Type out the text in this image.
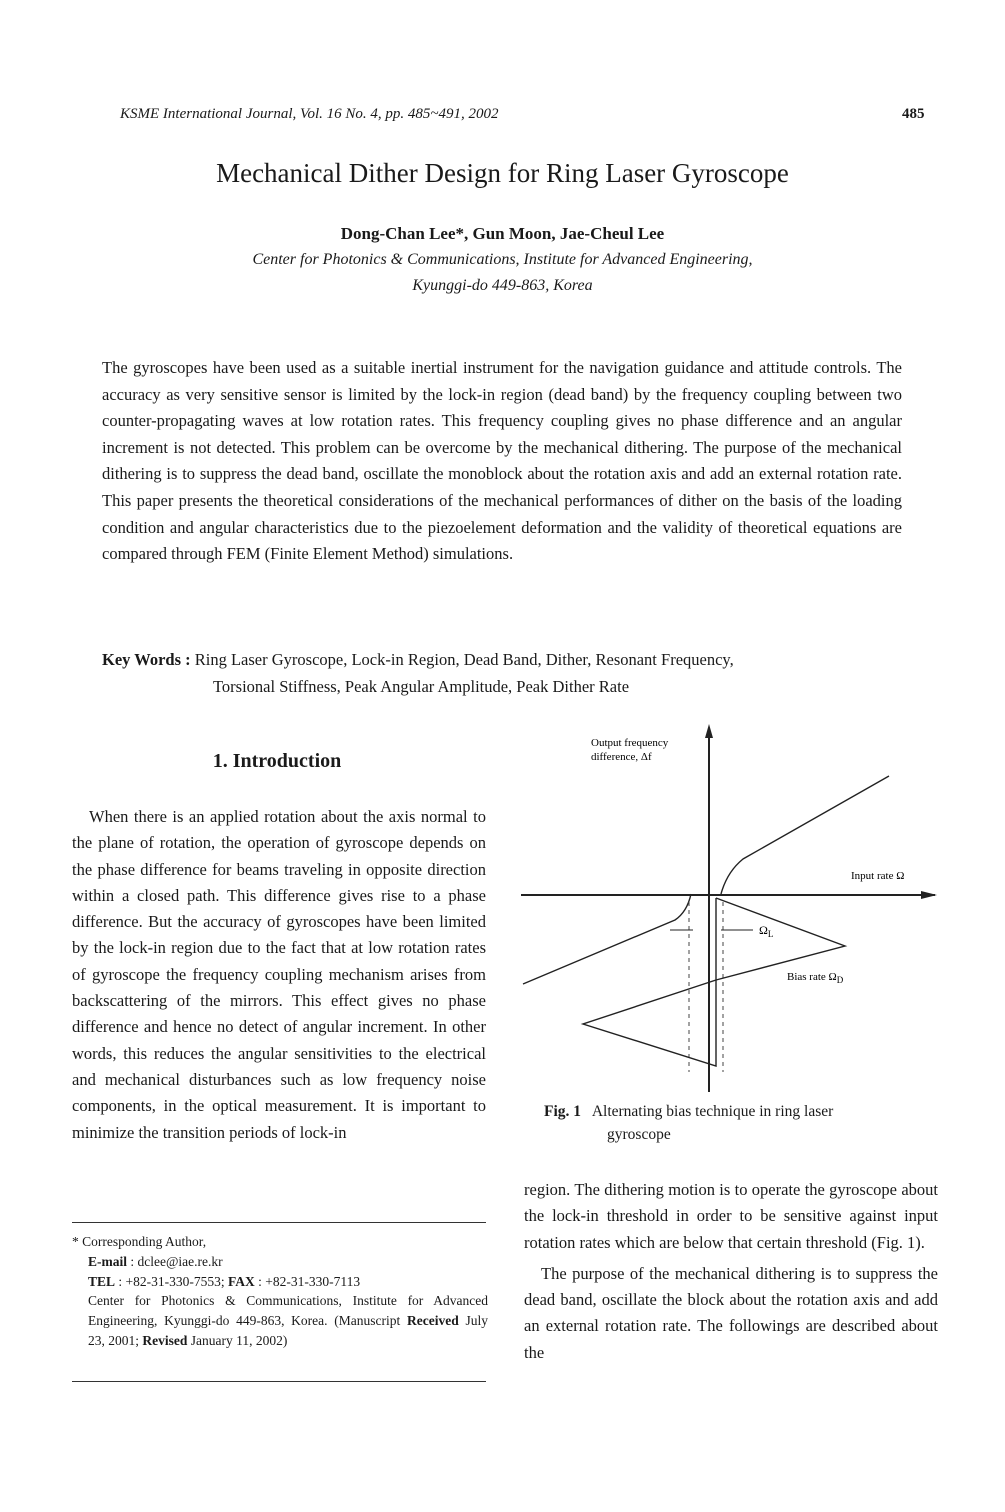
KSME International Journal, Vol. 16 No. 4, pp. 485~491, 2002	485
Mechanical Dither Design for Ring Laser Gyroscope
Dong-Chan Lee*, Gun Moon, Jae-Cheul Lee
Center for Photonics & Communications, Institute for Advanced Engineering,
Kyunggi-do 449-863, Korea
The gyroscopes have been used as a suitable inertial instrument for the navigation guidance and attitude controls. The accuracy as very sensitive sensor is limited by the lock-in region (dead band) by the frequency coupling between two counter-propagating waves at low rotation rates. This frequency coupling gives no phase difference and an angular increment is not detected. This problem can be overcome by the mechanical dithering. The purpose of the mechanical dithering is to suppress the dead band, oscillate the monoblock about the rotation axis and add an external rotation rate. This paper presents the theoretical considerations of the mechanical performances of dither on the basis of the loading condition and angular characteristics due to the piezoelement deformation and the validity of theoretical equations are compared through FEM (Finite Element Method) simulations.
Key Words : Ring Laser Gyroscope, Lock-in Region, Dead Band, Dither, Resonant Frequency,
Torsional Stiffness, Peak Angular Amplitude, Peak Dither Rate
1. Introduction

When there is an applied rotation about the axis normal to the plane of rotation, the operation of gyroscope depends on the phase difference for beams traveling in opposite direction within a closed path. This difference gives rise to a phase difference. But the accuracy of gyroscopes have been limited by the lock-in region due to the fact that at low rotation rates of gyroscope the frequency coupling mechanism arises from backscattering of the mirrors. This effect gives no phase difference and hence no detect of angular increment. In other words, this reduces the angular sensitivities to the electrical and mechanical disturbances such as low frequency noise components, in the optical measurement. It is important to minimize the transition periods of lock-in

* Corresponding Author,
E-mail : dclee@iae.re.kr
TEL : +82-31-330-7553; FAX : +82-31-330-7113
Center for Photonics & Communications, Institute for Advanced Engineering, Kyunggi-do 449-863, Korea. (Manuscript Received July 23, 2001; Revised January 11, 2002)
Output frequency
difference, Δf
Input rate Ω
$\Omega_L$
Bias rate $\Omega_D$
Fig. 1 Alternating bias technique in ring laser
gyroscope

region. The dithering motion is to operate the gyroscope about the lock-in threshold in order to be sensitive against input rotation rates which are below that certain threshold (Fig. 1).

The purpose of the mechanical dithering is to suppress the dead band, oscillate the block about the rotation axis and add an external rotation rate. The followings are described about the
